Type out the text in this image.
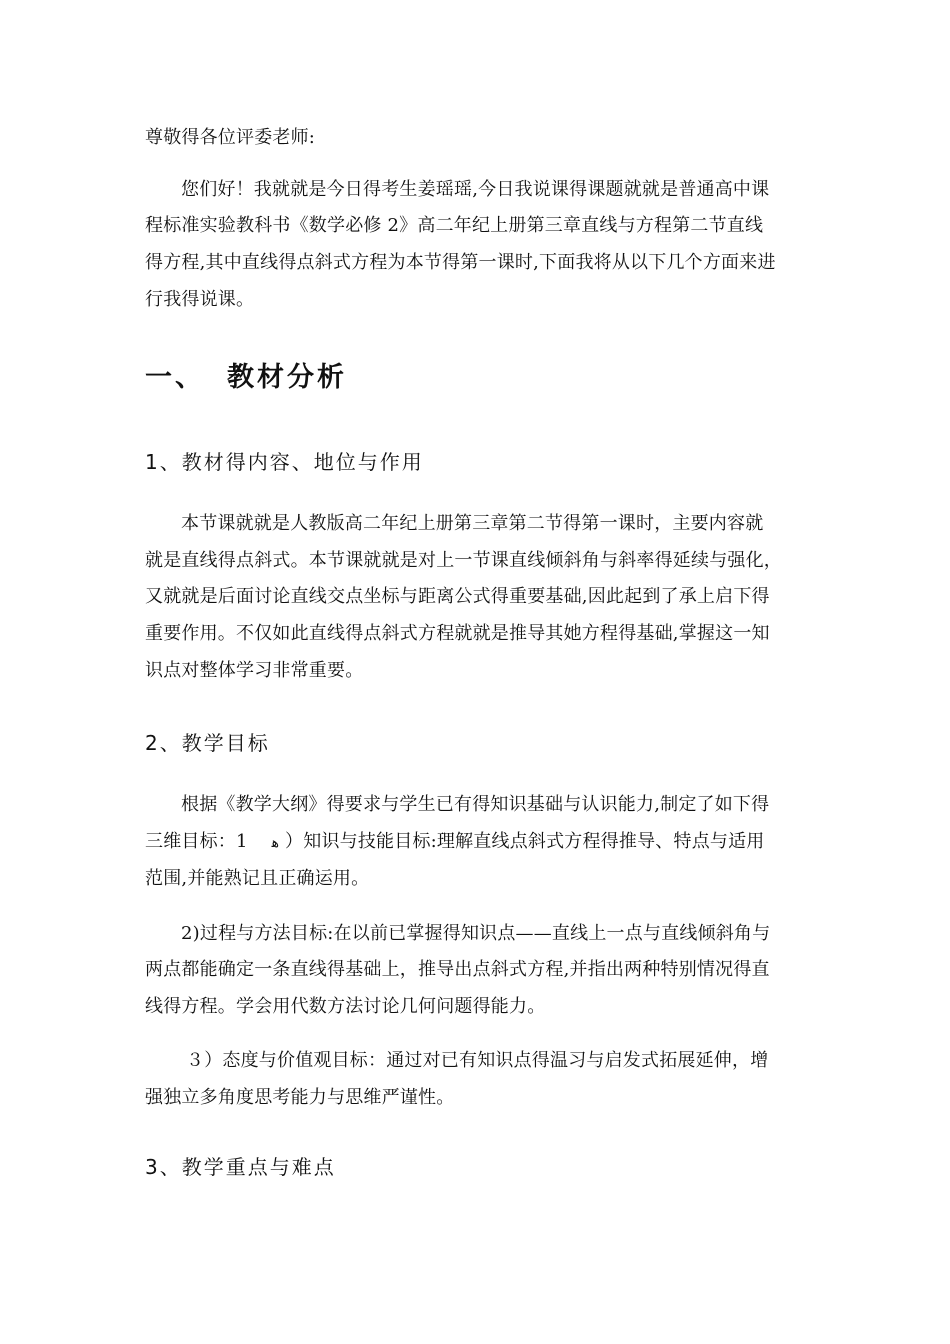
尊敬得各位评委老师:
您们好！我就就是今日得考生姜瑶瑶,今日我说课得课题就就是普通高中课
程标准实验教科书《数学必修 2》高二年纪上册第三章直线与方程第二节直线
得方程,其中直线得点斜式方程为本节得第一课时,下面我将从以下几个方面来进
行我得说课。
一、 教材分析
1、教材得内容、地位与作用
本节课就就是人教版高二年纪上册第三章第二节得第一课时，主要内容就
就是直线得点斜式。本节课就就是对上一节课直线倾斜角与斜率得延续与强化，
又就就是后面讨论直线交点坐标与距离公式得重要基础,因此起到了承上启下得
重要作用。不仅如此直线得点斜式方程就就是推导其她方程得基础,掌握这一知
识点对整体学习非常重要。
2、教学目标
根据《教学大纲》得要求与学生已有得知识基础与认识能力,制定了如下得
三维目标：1 ﻫ ）知识与技能目标:理解直线点斜式方程得推导、特点与适用
范围,并能熟记且正确运用。
2)过程与方法目标:在以前已掌握得知识点——直线上一点与直线倾斜角与
两点都能确定一条直线得基础上，推导出点斜式方程,并指出两种特别情况得直
线得方程。学会用代数方法讨论几何问题得能力。
３）态度与价值观目标：通过对已有知识点得温习与启发式拓展延伸，增
强独立多角度思考能力与思维严谨性。
3、教学重点与难点
